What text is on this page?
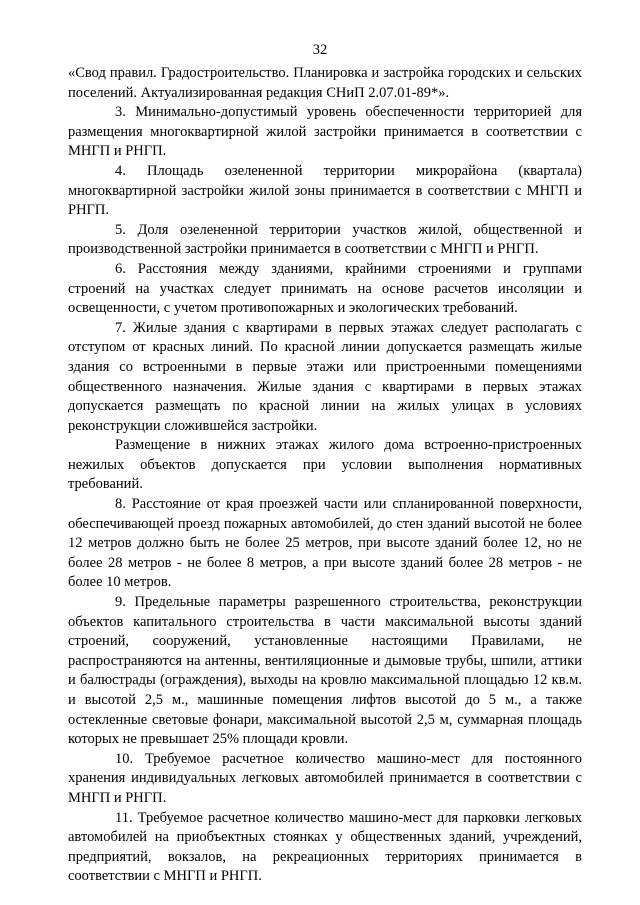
32

«Свод правил. Градостроительство. Планировка и застройка городских и сельских поселений. Актуализированная редакция СНиП 2.07.01-89*».

3. Минимально-допустимый уровень обеспеченности территорией для размещения многоквартирной жилой застройки принимается в соответствии с МНГП и РНГП.

4. Площадь озелененной территории микрорайона (квартала) многоквартирной застройки жилой зоны принимается в соответствии с МНГП и РНГП.

5. Доля озелененной территории участков жилой, общественной и производственной застройки принимается в соответствии с МНГП и РНГП.

6. Расстояния между зданиями, крайними строениями и группами строений на участках следует принимать на основе расчетов инсоляции и освещенности, с учетом противопожарных и экологических требований.

7. Жилые здания с квартирами в первых этажах следует располагать с отступом от красных линий. По красной линии допускается размещать жилые здания со встроенными в первые этажи или пристроенными помещениями общественного назначения. Жилые здания с квартирами в первых этажах допускается размещать по красной линии на жилых улицах в условиях реконструкции сложившейся застройки.

Размещение в нижних этажах жилого дома встроенно-пристроенных нежилых объектов допускается при условии выполнения нормативных требований.

8. Расстояние от края проезжей части или спланированной поверхности, обеспечивающей проезд пожарных автомобилей, до стен зданий высотой не более 12 метров должно быть не более 25 метров, при высоте зданий более 12, но не более 28 метров - не более 8 метров, а при высоте зданий более 28 метров - не более 10 метров.

9. Предельные параметры разрешенного строительства, реконструкции объектов капитального строительства в части максимальной высоты зданий строений, сооружений, установленные настоящими Правилами, не распространяются на антенны, вентиляционные и дымовые трубы, шпили, аттики и балюстрады (ограждения), выходы на кровлю максимальной площадью 12 кв.м. и высотой 2,5 м., машинные помещения лифтов высотой до 5 м., а также остекленные световые фонари, максимальной высотой 2,5 м, суммарная площадь которых не превышает 25% площади кровли.

10. Требуемое расчетное количество машино-мест для постоянного хранения индивидуальных легковых автомобилей принимается в соответствии с МНГП и РНГП.

11. Требуемое расчетное количество машино-мест для парковки легковых автомобилей на приобъектных стоянках у общественных зданий, учреждений, предприятий, вокзалов, на рекреационных территориях принимается в соответствии с МНГП и РНГП.
